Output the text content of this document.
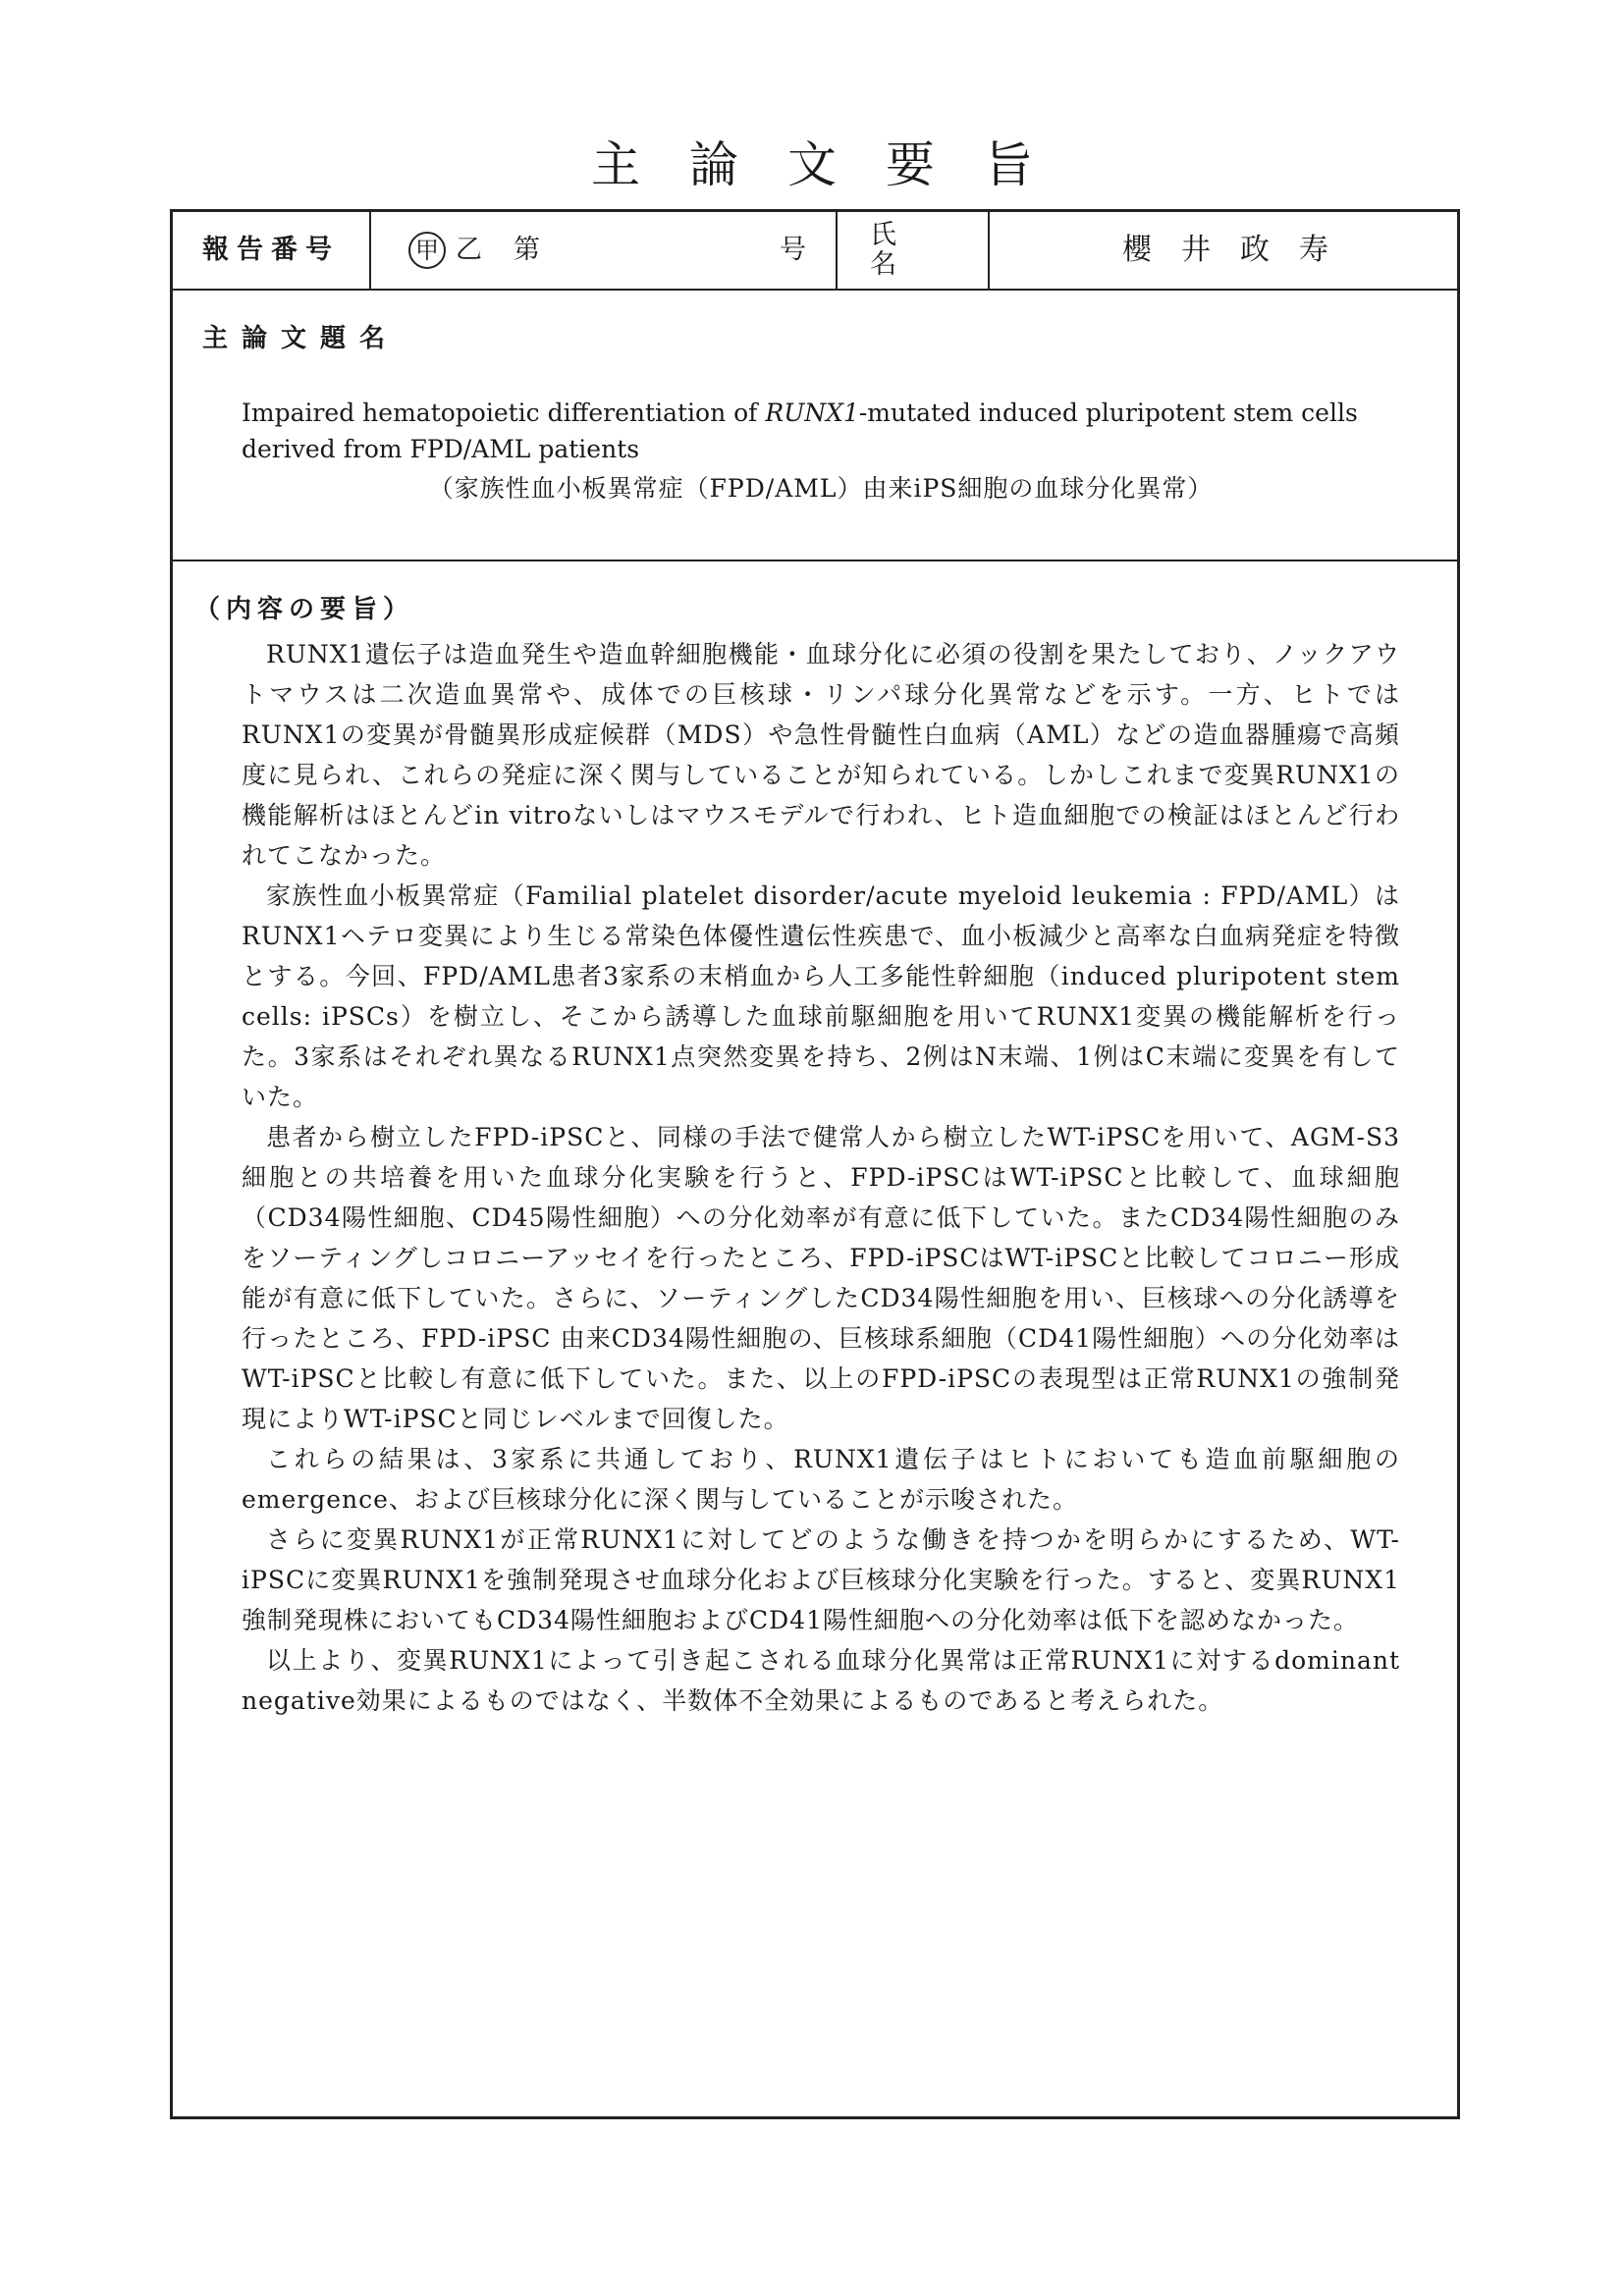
主論文要旨
報告番号	甲 乙 第	号	氏　名	櫻　井　政　寿
主論文題名
Impaired hematopoietic differentiation of RUNX1-mutated induced pluripotent stem cells derived from FPD/AML patients
（家族性血小板異常症（FPD/AML）由来iPS細胞の血球分化異常）
（内容の要旨）

RUNX1遺伝子は造血発生や造血幹細胞機能・血球分化に必須の役割を果たしており、ノックアウトマウスは二次造血異常や、成体での巨核球・リンパ球分化異常などを示す。一方、ヒトではRUNX1の変異が骨髄異形成症候群（MDS）や急性骨髄性白血病（AML）などの造血器腫瘍で高頻度に見られ、これらの発症に深く関与していることが知られている。しかしこれまで変異RUNX1の機能解析はほとんどin vitroないしはマウスモデルで行われ、ヒト造血細胞での検証はほとんど行われてこなかった。

家族性血小板異常症（Familial platelet disorder/acute myeloid leukemia : FPD/AML）はRUNX1ヘテロ変異により生じる常染色体優性遺伝性疾患で、血小板減少と高率な白血病発症を特徴とする。今回、FPD/AML患者3家系の末梢血から人工多能性幹細胞（induced pluripotent stem cells: iPSCs）を樹立し、そこから誘導した血球前駆細胞を用いてRUNX1変異の機能解析を行った。3家系はそれぞれ異なるRUNX1点突然変異を持ち、2例はN末端、1例はC末端に変異を有していた。

患者から樹立したFPD-iPSCと、同様の手法で健常人から樹立したWT-iPSCを用いて、AGM-S3細胞との共培養を用いた血球分化実験を行うと、FPD-iPSCはWT-iPSCと比較して、血球細胞（CD34陽性細胞、CD45陽性細胞）への分化効率が有意に低下していた。またCD34陽性細胞のみをソーティングしコロニーアッセイを行ったところ、FPD-iPSCはWT-iPSCと比較してコロニー形成能が有意に低下していた。さらに、ソーティングしたCD34陽性細胞を用い、巨核球への分化誘導を行ったところ、FPD-iPSC 由来CD34陽性細胞の、巨核球系細胞（CD41陽性細胞）への分化効率はWT-iPSCと比較し有意に低下していた。また、以上のFPD-iPSCの表現型は正常RUNX1の強制発現によりWT-iPSCと同じレベルまで回復した。

これらの結果は、3家系に共通しており、RUNX1遺伝子はヒトにおいても造血前駆細胞のemergence、および巨核球分化に深く関与していることが示唆された。

さらに変異RUNX1が正常RUNX1に対してどのような働きを持つかを明らかにするため、WT-iPSCに変異RUNX1を強制発現させ血球分化および巨核球分化実験を行った。すると、変異RUNX1強制発現株においてもCD34陽性細胞およびCD41陽性細胞への分化効率は低下を認めなかった。

以上より、変異RUNX1によって引き起こされる血球分化異常は正常RUNX1に対するdominant negative効果によるものではなく、半数体不全効果によるものであると考えられた。
